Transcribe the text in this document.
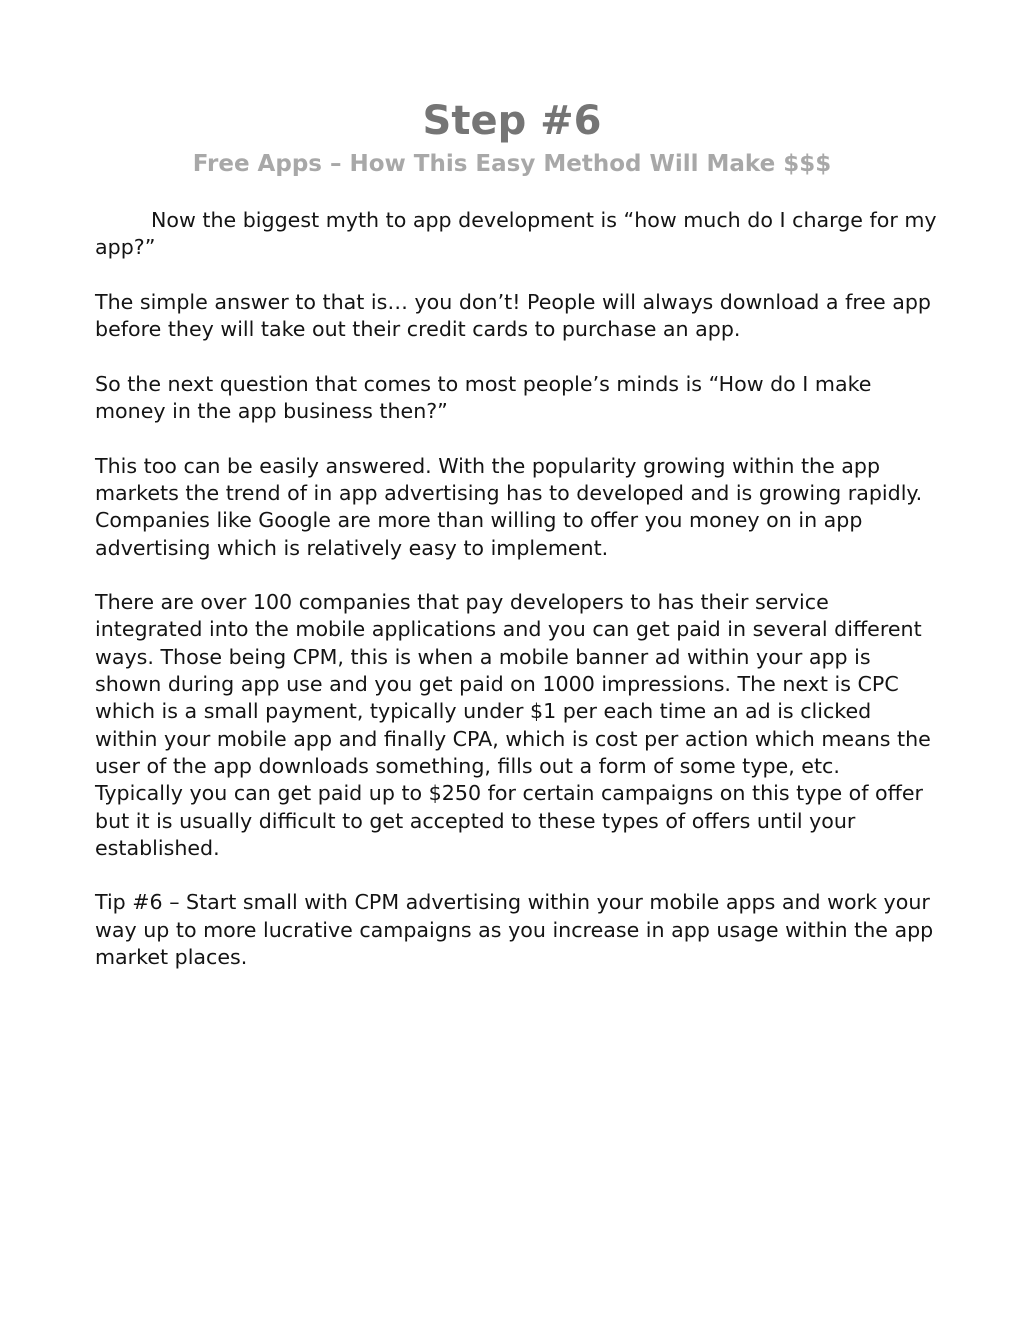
Step #6
Free Apps – How This Easy Method Will Make $$$

Now the biggest myth to app development is “how much do I charge for my app?”

The simple answer to that is… you don’t! People will always download a free app before they will take out their credit cards to purchase an app.

So the next question that comes to most people’s minds is “How do I make money in the app business then?”

This too can be easily answered. With the popularity growing within the app markets the trend of in app advertising has to developed and is growing rapidly. Companies like Google are more than willing to offer you money on in app advertising which is relatively easy to implement.

There are over 100 companies that pay developers to has their service integrated into the mobile applications and you can get paid in several different ways. Those being CPM, this is when a mobile banner ad within your app is shown during app use and you get paid on 1000 impressions. The next is CPC which is a small payment, typically under $1 per each time an ad is clicked within your mobile app and finally CPA, which is cost per action which means the user of the app downloads something, fills out a form of some type, etc.

Typically you can get paid up to $250 for certain campaigns on this type of offer but it is usually difficult to get accepted to these types of offers until your established.

Tip #6 – Start small with CPM advertising within your mobile apps and work your way up to more lucrative campaigns as you increase in app usage within the app market places.
